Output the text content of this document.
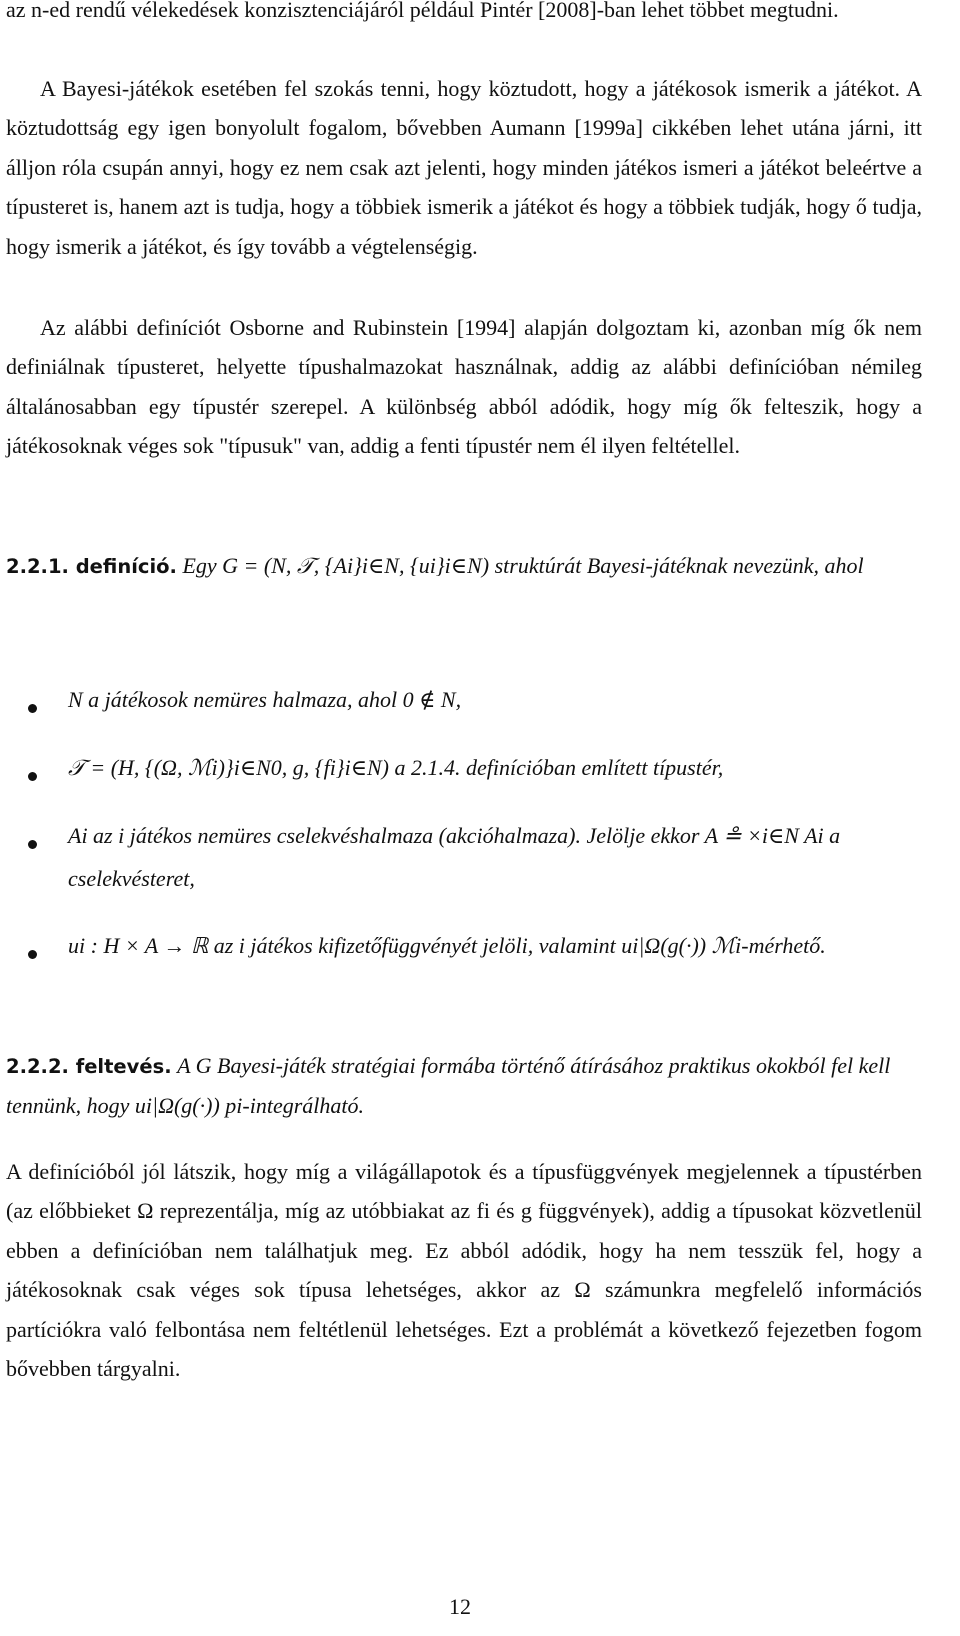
az n-ed rendű vélekedések konzisztenciájáról például Pintér [2008]-ban lehet többet megtudni.

A Bayesi-játékok esetében fel szokás tenni, hogy köztudott, hogy a játékosok ismerik a játékot. A köztudottság egy igen bonyolult fogalom, bővebben Aumann [1999a] cikkében lehet utána járni, itt álljon róla csupán annyi, hogy ez nem csak azt jelenti, hogy minden játékos ismeri a játékot beleértve a típusteret is, hanem azt is tudja, hogy a többiek ismerik a játékot és hogy a többiek tudják, hogy ő tudja, hogy ismerik a játékot, és így tovább a végtelenségig.

Az alábbi definíciót Osborne and Rubinstein [1994] alapján dolgoztam ki, azonban míg ők nem definiálnak típusteret, helyette típushalmazokat használnak, addig az alábbi definícióban némileg általánosabban egy típustér szerepel. A különbség abból adódik, hogy míg ők felteszik, hogy a játékosoknak véges sok "típusuk" van, addig a fenti típustér nem él ilyen feltétellel.

2.2.1. definíció. Egy G = (N, 𝒯, {Ai}i∈N, {ui}i∈N) struktúrát Bayesi-játéknak nevezünk, ahol

N a játékosok nemüres halmaza, ahol 0 ∉ N,
𝒯 = (H, {(Ω, ℳi)}i∈N0, g, {fi}i∈N) a 2.1.4. definícióban említett típustér,
Ai az i játékos nemüres cselekvéshalmaza (akcióhalmaza). Jelölje ekkor A ≗ ×i∈N Ai a cselekvésteret,
ui : H × A → ℝ az i játékos kifizetőfüggvényét jelöli, valamint ui|Ω(g(·)) ℳi-mérhető.

2.2.2. feltevés. A G Bayesi-játék stratégiai formába történő átírásához praktikus okokból fel kell tennünk, hogy ui|Ω(g(·)) pi-integrálható.

A definícióból jól látszik, hogy míg a világállapotok és a típusfüggvények megjelennek a típustérben (az előbbieket Ω reprezentálja, míg az utóbbiakat az fi és g függvények), addig a típusokat közvetlenül ebben a definícióban nem találhatjuk meg. Ez abból adódik, hogy ha nem tesszük fel, hogy a játékosoknak csak véges sok típusa lehetséges, akkor az Ω számunkra megfelelő információs partíciókra való felbontása nem feltétlenül lehetséges. Ezt a problémát a következő fejezetben fogom bővebben tárgyalni.

12
